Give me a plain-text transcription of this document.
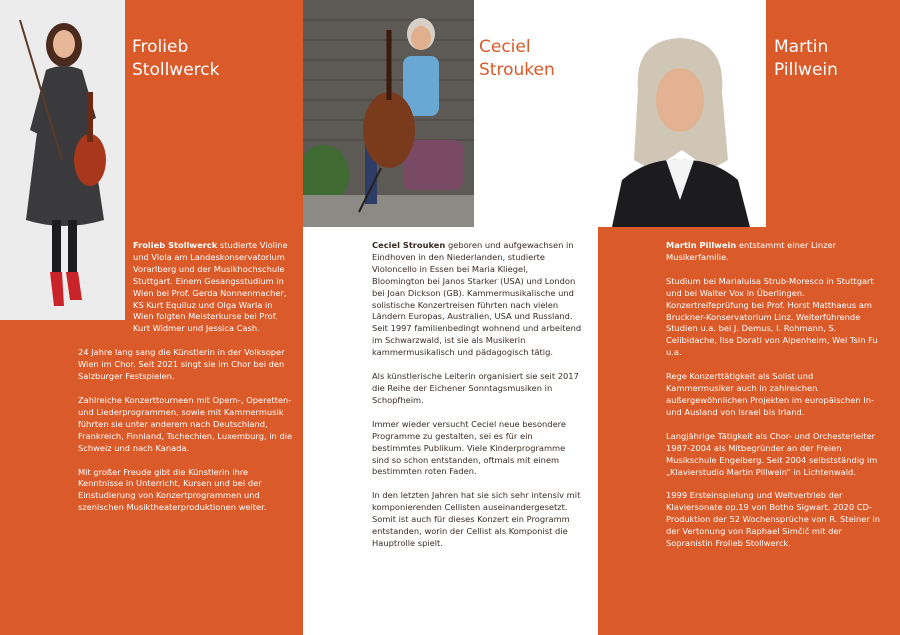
Frolieb
Stollwerck

Frolieb Stollwerck studierte Violine und Viola am Landeskonservatorium Vorarlberg und der Musikhochschule Stuttgart. Einem Gesangsstudium in Wien bei Prof. Gerda Nonnenmacher, KS Kurt Equiluz und Olga Warla in Wien folgten Meisterkurse bei Prof. Kurt Widmer und Jessica Cash.

24 Jahre lang sang die Künstlerin in der Volksoper Wien im Chor. Seit 2021 singt sie im Chor bei den Salzburger Festspielen.

Zahlreiche Konzerttourneen mit Opern-, Operetten- und Liederprogrammen, sowie mit Kammermusik führten sie unter anderem nach Deutschland, Frankreich, Finnland, Tschechien, Luxemburg, in die Schweiz und nach Kanada.

Mit großer Freude gibt die Künstlerin ihre Kenntnisse in Unterricht, Kursen und bei der Einstudierung von Konzertprogrammen und szenischen Musiktheaterproduktionen weiter.

Ceciel
Strouken

Ceciel Strouken geboren und aufgewachsen in Eindhoven in den Niederlanden, studierte Violoncello in Essen bei Maria Kliegel, Bloomington bei Janos Starker (USA) und London bei Joan Dickson (GB). Kammermusikalische und solistische Konzertreisen führten nach vielen Ländern Europas, Australien, USA und Russland. Seit 1997 familienbedingt wohnend und arbeitend im Schwarzwald, ist sie als Musikerin kammermusikalisch und pädagogisch tätig.

Als künstlerische Leiterin organisiert sie seit 2017 die Reihe der Eichener Sonntagsmusiken in Schopfheim.

Immer wieder versucht Ceciel neue besondere Programme zu gestalten, sei es für ein bestimmtes Publikum. Viele Kinderprogramme sind so schon entstanden, oftmals mit einem bestimmten roten Faden.

In den letzten Jahren hat sie sich sehr intensiv mit komponierenden Cellisten auseinandergesetzt. Somit ist auch für dieses Konzert ein Programm entstanden, worin der Cellist als Komponist die Hauptrolle spielt.

Martin
Pillwein

Martin Pillwein entstammt einer Linzer Musikerfamilie.

Studium bei Marialuisa Strub-Moresco in Stuttgart und bei Walter Vox in Überlingen. Konzertreifeprüfung bei Prof. Horst Matthaeus am Bruckner-Konservatorium Linz. Weiterführende Studien u.a. bei J. Demus, I. Rohmann, S. Celibidache, Ilse Dorati von Alpenheim, Wei Tsin Fu u.a.

Rege Konzerttätigkeit als Solist und Kammermusiker auch in zahlreichen außergewöhnlichen Projekten im europäischen In- und Ausland von Israel bis Irland.

Langjährige Tätigkeit als Chor- und Orchesterleiter 1987-2004 als Mitbegründer an der Freien Musikschule Engelberg. Seit 2004 selbstständig im „Klavierstudio Martin Pillwein“ in Lichtenwald.

1999 Ersteinspielung und Weltvertrieb der Klaviersonate op.19 von Botho Sigwart. 2020 CD-Produktion der 52 Wochensprüche von R. Steiner in der Vertonung von Raphael Simčič mit der Sopranistin Frolieb Stollwerck.
